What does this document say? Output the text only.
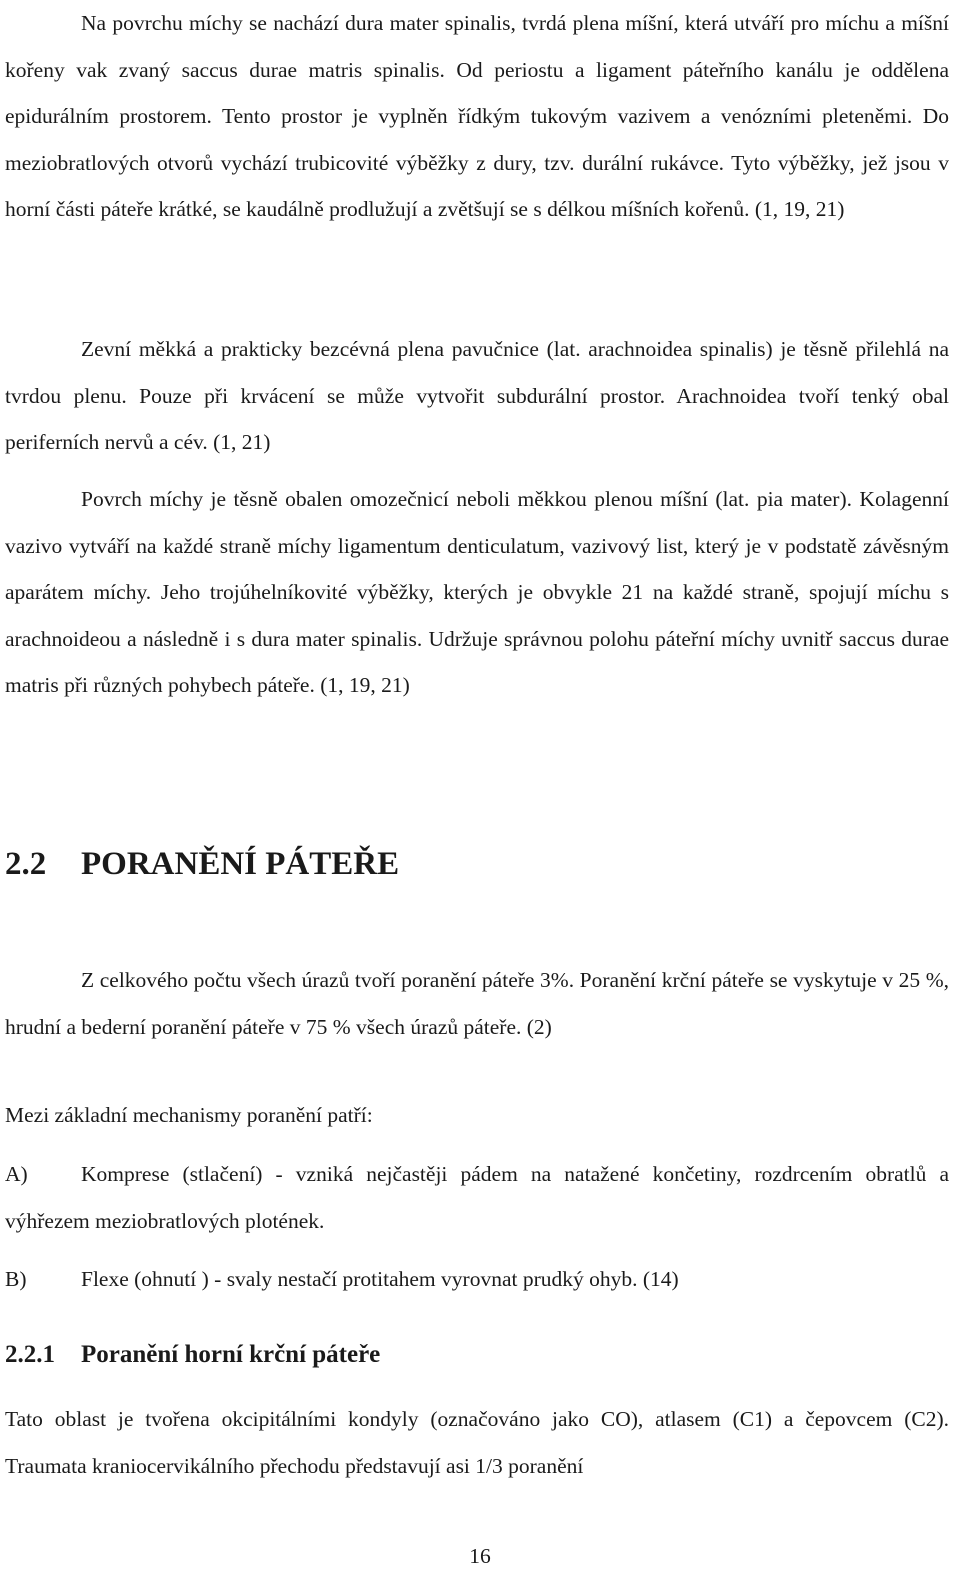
Na povrchu míchy se nachází dura mater spinalis, tvrdá plena míšní, která utváří pro míchu a míšní kořeny vak zvaný saccus durae matris spinalis. Od periostu a ligament páteřního kanálu je oddělena epidurálním prostorem. Tento prostor je vyplněn řídkým tukovým vazivem a venózními pleteněmi. Do meziobratlových otvorů vychází trubicovité výběžky z dury, tzv. durální rukávce. Tyto výběžky, jež jsou v horní části páteře krátké, se kaudálně prodlužují a zvětšují se s délkou míšních kořenů. (1, 19, 21)

Zevní měkká a prakticky bezcévná plena pavučnice (lat. arachnoidea spinalis) je těsně přilehlá na tvrdou plenu. Pouze při krvácení se může vytvořit subdurální prostor. Arachnoidea tvoří tenký obal periferních nervů a cév. (1, 21)

Povrch míchy je těsně obalen omozečnicí neboli měkkou plenou míšní (lat. pia mater). Kolagenní vazivo vytváří na každé straně míchy ligamentum denticulatum, vazivový list, který je v podstatě závěsným aparátem míchy. Jeho trojúhelníkovité výběžky, kterých je obvykle 21 na každé straně, spojují míchu s arachnoideou a následně i s dura mater spinalis. Udržuje správnou polohu páteřní míchy uvnitř saccus durae matris při různých pohybech páteře. (1, 19, 21)

2.2 PORANĚNÍ PÁTEŘE

Z celkového počtu všech úrazů tvoří poranění páteře 3%. Poranění krční páteře se vyskytuje v 25 %, hrudní a bederní poranění páteře v 75 % všech úrazů páteře. (2)

Mezi základní mechanismy poranění patří:

A) Komprese (stlačení) - vzniká nejčastěji pádem na natažené končetiny, rozdrcením obratlů a výhřezem meziobratlových plotének.

B)	Flexe (ohnutí ) - svaly nestačí protitahem vyrovnat prudký ohyb. (14)

2.2.1 Poranění horní krční páteře

Tato oblast je tvořena okcipitálními kondyly (označováno jako CO), atlasem (C1) a čepovcem (C2). Traumata kraniocervikálního přechodu představují asi 1/3 poranění

16
